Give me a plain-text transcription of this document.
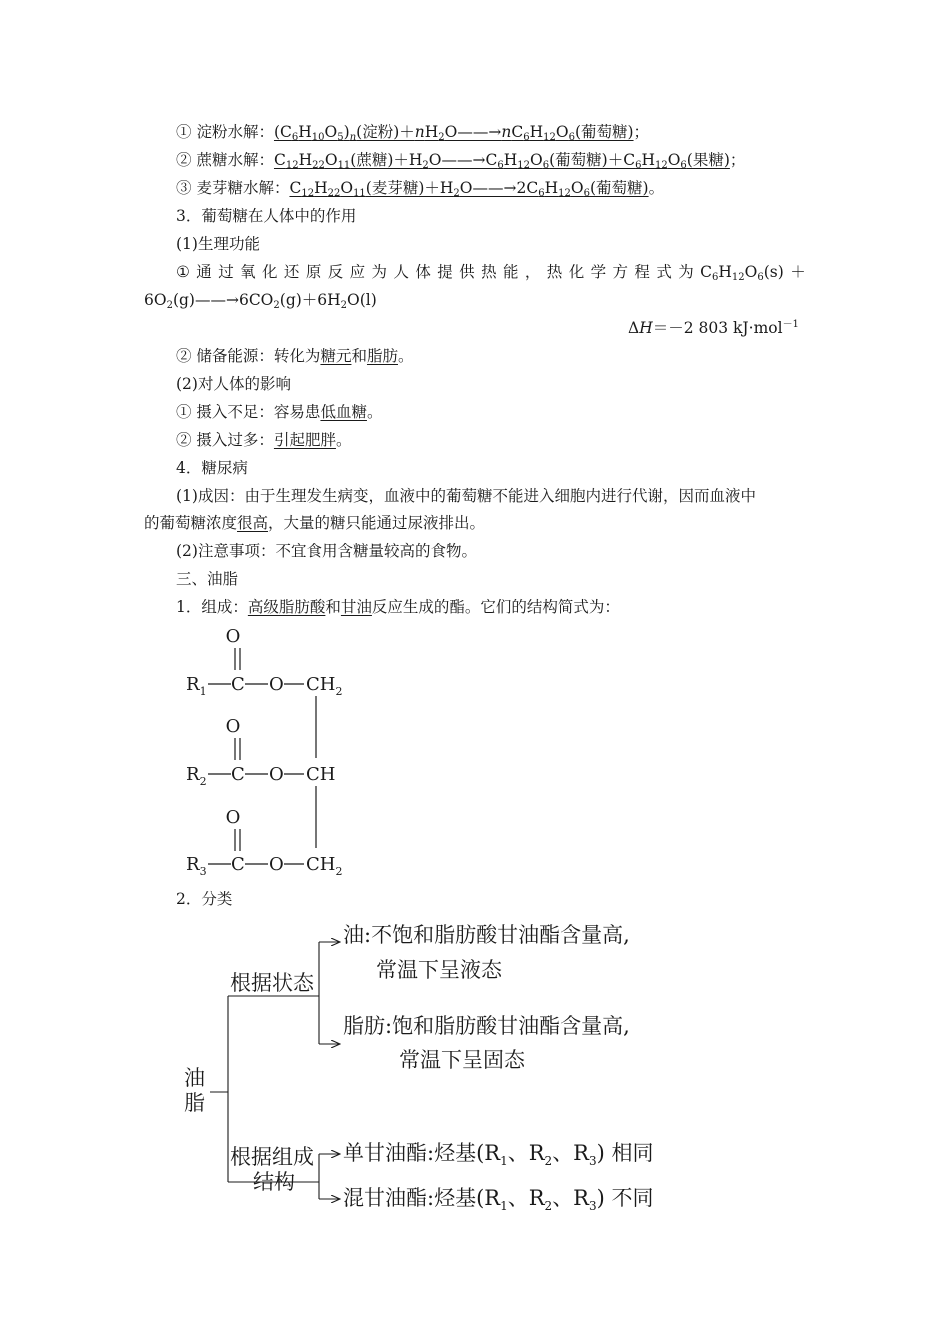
① 淀粉水解：$(C_6H_{10}O_5)_n$(淀粉)$+nH_2O——\to nC_6H_{12}O_6$(葡萄糖)；
② 蔗糖水解：$C_{12}H_{22}O_{11}$(蔗糖)$+H_2O——\to C_6H_{12}O_6$(葡萄糖)$+C_6H_{12}O_6$(果糖)；
③ 麦芽糖水解：$C_{12}H_{22}O_{11}$(麦芽糖)$+H_2O——\to 2C_6H_{12}O_6$(葡萄糖)。
3．葡萄糖在人体中的作用
(1)生理功能
① 通 过 氧 化 还 原 反 应 为 人 体 提 供 热 能 ， 热 化 学 方 程 式 为 $C_6H_{12}O_6(s)$ ＋
$6O_2(g)——\to 6CO_2(g)+6H_2O(l)$
ΔH＝－2 803 kJ·mol$^{-1}$
② 储备能源：转化为糖元和脂肪。
(2)对人体的影响
① 摄入不足：容易患低血糖。
② 摄入过多：引起肥胖。
4．糖尿病
(1)成因：由于生理发生病变，血液中的葡萄糖不能进入细胞内进行代谢，因而血液中
的葡萄糖浓度很高，大量的糖只能通过尿液排出。
(2)注意事项：不宜食用含糖量较高的食物。
三、油脂
1．组成：高级脂肪酸和甘油反应生成的酯。它们的结构简式为：
O
$R_1$ C O $CH_2$
O
$R_2$ C O CH
O
$R_3$ C O $CH_2$
2．分类
油
脂
根据状态
根据组成
结构
油:不饱和脂肪酸甘油酯含量高,
常温下呈液态
脂肪:饱和脂肪酸甘油酯含量高,
常温下呈固态
单甘油酯:烃基($R_1$、$R_2$、$R_3$) 相同
混甘油酯:烃基($R_1$、$R_2$、$R_3$) 不同
